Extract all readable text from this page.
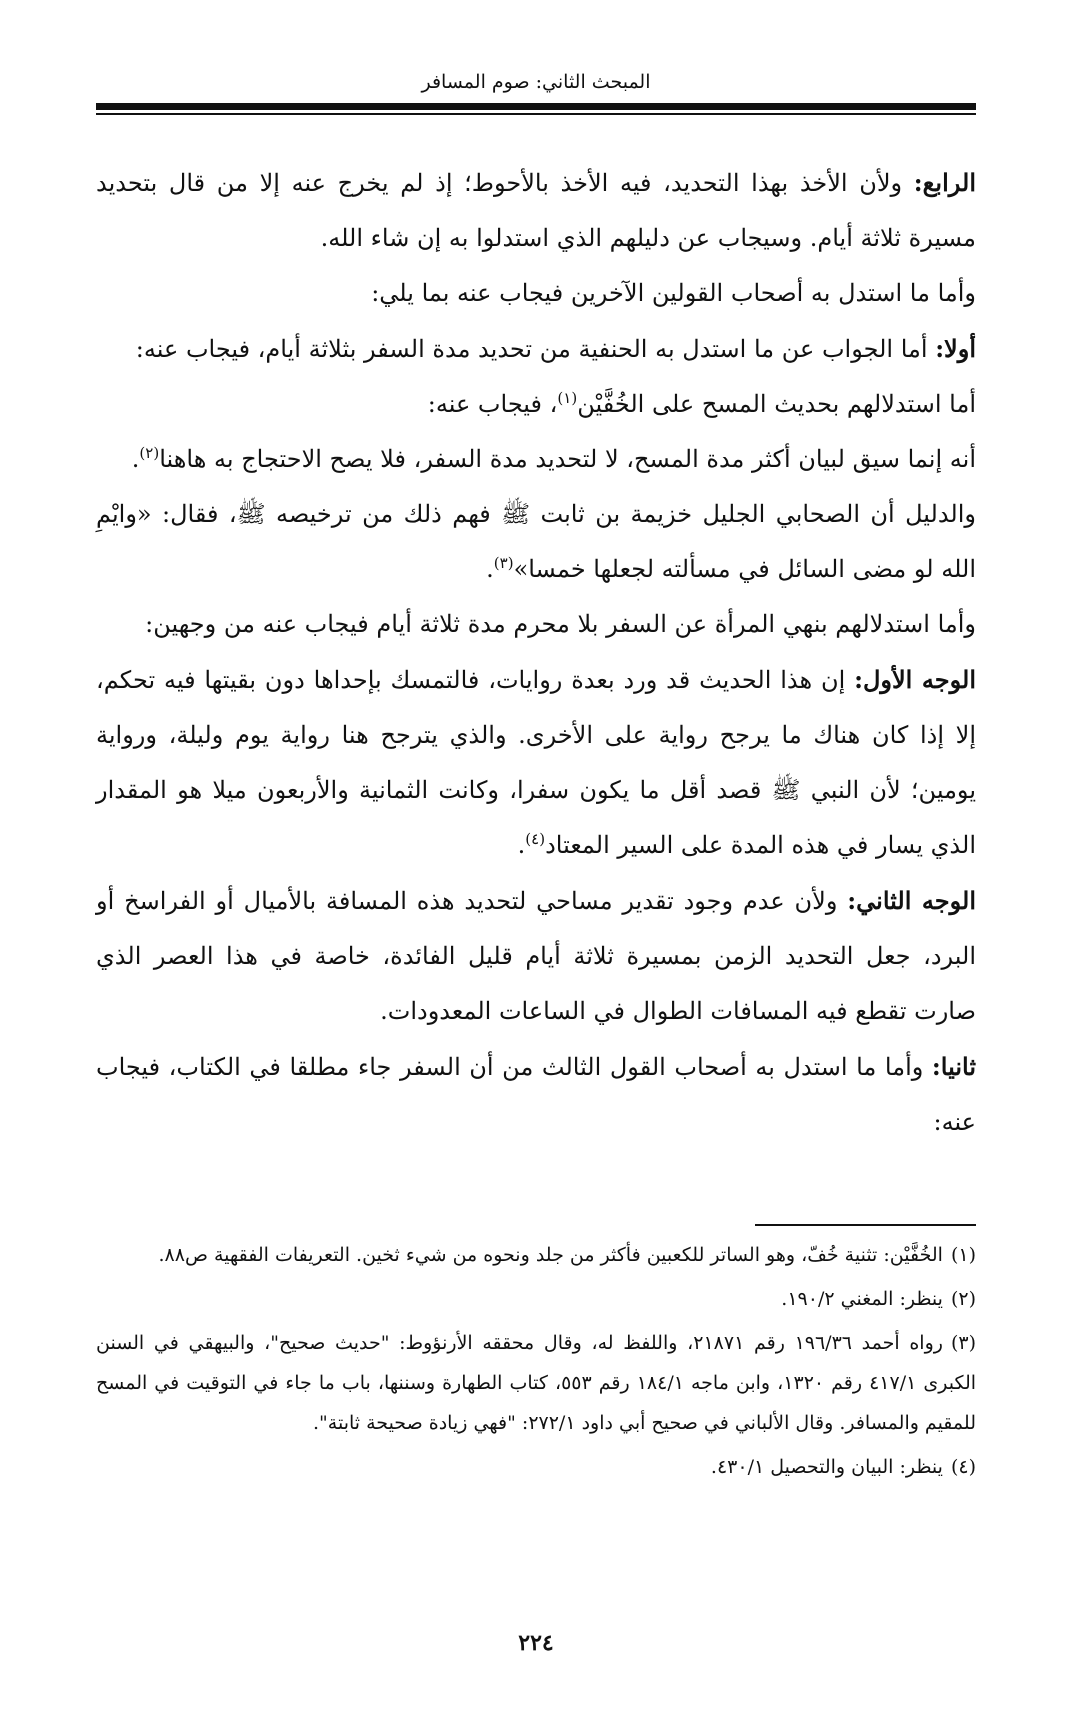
المبحث الثاني: صوم المسافر

الرابع: ولأن الأخذ بهذا التحديد، فيه الأخذ بالأحوط؛ إذ لم يخرج عنه إلا من قال بتحديد مسيرة ثلاثة أيام. وسيجاب عن دليلهم الذي استدلوا به إن شاء الله.

وأما ما استدل به أصحاب القولين الآخرين فيجاب عنه بما يلي:

أولا: أما الجواب عن ما استدل به الحنفية من تحديد مدة السفر بثلاثة أيام، فيجاب عنه:

أما استدلالهم بحديث المسح على الخُفَّيْن$^{(١)}$، فيجاب عنه:

أنه إنما سيق لبيان أكثر مدة المسح، لا لتحديد مدة السفر، فلا يصح الاحتجاج به هاهنا$^{(٢)}$.

والدليل أن الصحابي الجليل خزيمة بن ثابت ﷺ فهم ذلك من ترخيصه ﷺ، فقال: «وايْمِ الله لو مضى السائل في مسألته لجعلها خمسا»$^{(٣)}$.

وأما استدلالهم بنهي المرأة عن السفر بلا محرم مدة ثلاثة أيام فيجاب عنه من وجهين:

الوجه الأول: إن هذا الحديث قد ورد بعدة روايات، فالتمسك بإحداها دون بقيتها فيه تحكم، إلا إذا كان هناك ما يرجح رواية على الأخرى. والذي يترجح هنا رواية يوم وليلة، ورواية يومين؛ لأن النبي ﷺ قصد أقل ما يكون سفرا، وكانت الثمانية والأربعون ميلا هو المقدار الذي يسار في هذه المدة على السير المعتاد$^{(٤)}$.

الوجه الثاني: ولأن عدم وجود تقدير مساحي لتحديد هذه المسافة بالأميال أو الفراسخ أو البرد، جعل التحديد الزمن بمسيرة ثلاثة أيام قليل الفائدة، خاصة في هذا العصر الذي صارت تقطع فيه المسافات الطوال في الساعات المعدودات.

ثانيا: وأما ما استدل به أصحاب القول الثالث من أن السفر جاء مطلقا في الكتاب، فيجاب عنه:

(١)الخُفَّيْن: تثنية خُفّ، وهو الساتر للكعبين فأكثر من جلد ونحوه من شيء ثخين. التعريفات الفقهية ص٨٨.

(٢)ينظر: المغني ١٩٠/٢.

(٣)رواه أحمد ١٩٦/٣٦ رقم ٢١٨٧١، واللفظ له، وقال محققه الأرنؤوط: "حديث صحيح"، والبيهقي في السنن الكبرى ٤١٧/١ رقم ١٣٢٠، وابن ماجه ١٨٤/١ رقم ٥٥٣، كتاب الطهارة وسننها، باب ما جاء في التوقيت في المسح للمقيم والمسافر. وقال الألباني في صحيح أبي داود ٢٧٢/١: "فهي زيادة صحيحة ثابتة".

(٤)ينظر: البيان والتحصيل ٤٣٠/١.

٢٢٤
